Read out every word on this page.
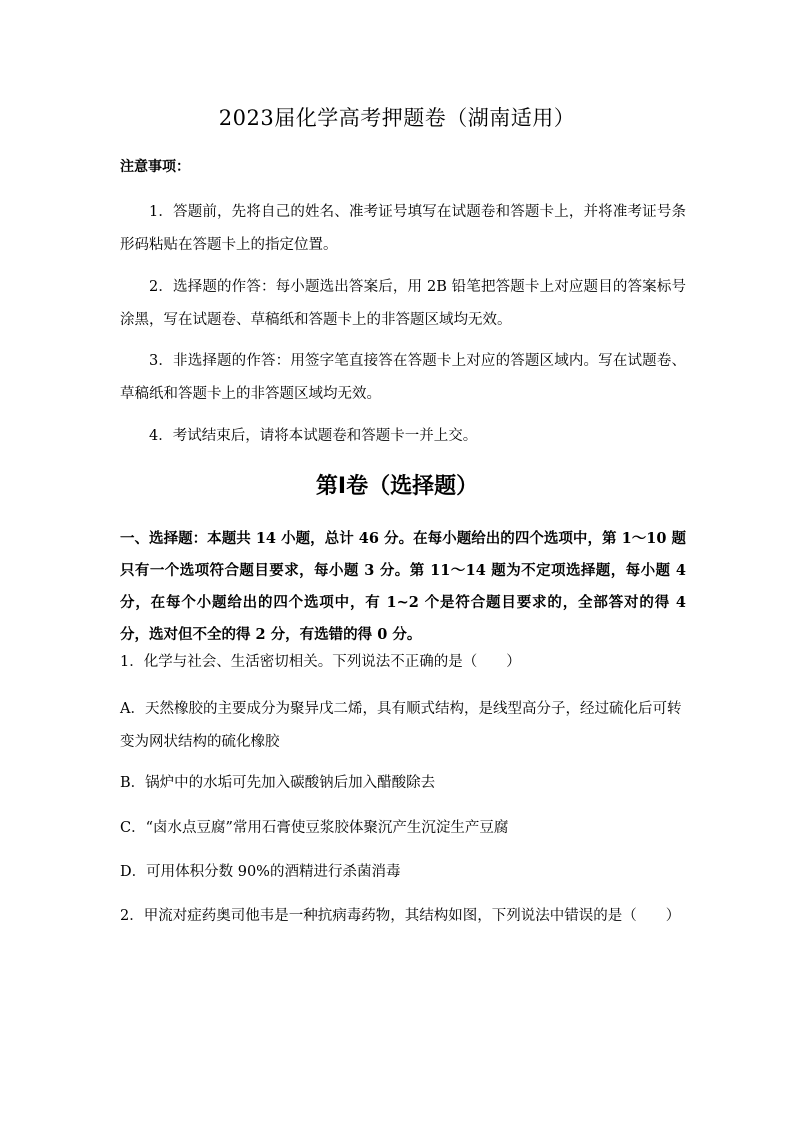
2023届化学高考押题卷（湖南适用）
注意事项：
1．答题前，先将自己的姓名、准考证号填写在试题卷和答题卡上，并将准考证号条形码粘贴在答题卡上的指定位置。
2．选择题的作答：每小题选出答案后，用 2B 铅笔把答题卡上对应题目的答案标号涂黑，写在试题卷、草稿纸和答题卡上的非答题区域均无效。
3．非选择题的作答：用签字笔直接答在答题卡上对应的答题区域内。写在试题卷、草稿纸和答题卡上的非答题区域均无效。
4．考试结束后，请将本试题卷和答题卡一并上交。
第Ⅰ卷（选择题）
一、选择题：本题共 14 小题，总计 46 分。在每小题给出的四个选项中，第 1～10 题只有一个选项符合题目要求，每小题 3 分。第 11～14 题为不定项选择题，每小题 4 分，在每个小题给出的四个选项中，有 1~2 个是符合题目要求的，全部答对的得 4 分，选对但不全的得 2 分，有选错的得 0 分。
1．化学与社会、生活密切相关。下列说法不正确的是（　　）
A．天然橡胶的主要成分为聚异戊二烯，具有顺式结构，是线型高分子，经过硫化后可转变为网状结构的硫化橡胶
B．锅炉中的水垢可先加入碳酸钠后加入醋酸除去
C．“卤水点豆腐”常用石膏使豆浆胶体聚沉产生沉淀生产豆腐
D．可用体积分数 90%的酒精进行杀菌消毒
2．甲流对症药奥司他韦是一种抗病毒药物，其结构如图，下列说法中错误的是（　　）
